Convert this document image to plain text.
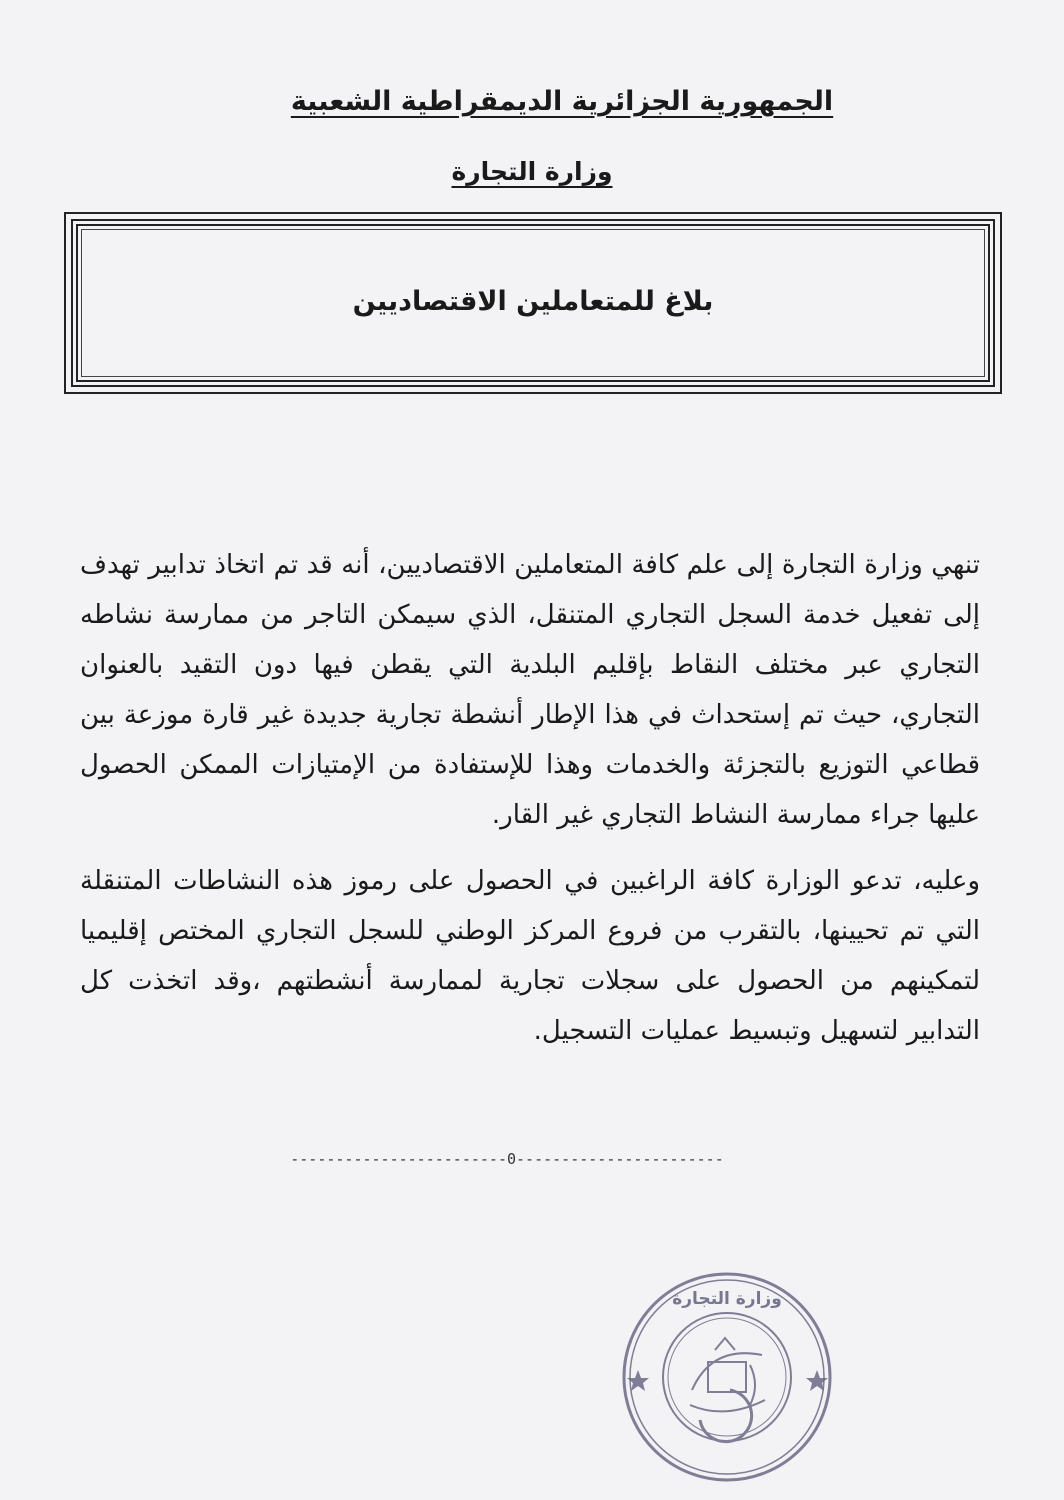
الجمهورية الجزائرية الديمقراطية الشعبية
وزارة التجارة
بلاغ للمتعاملين الاقتصاديين
تنهي وزارة التجارة إلى علم كافة المتعاملين الاقتصاديين، أنه قد تم اتخاذ تدابير تهدف إلى تفعيل خدمة السجل التجاري المتنقل، الذي سيمكن التاجر من ممارسة نشاطه التجاري عبر مختلف النقاط بإقليم البلدية التي يقطن فيها دون التقيد بالعنوان التجاري، حيث تم إستحداث في هذا الإطار أنشطة تجارية جديدة غير قارة موزعة بين قطاعي التوزيع بالتجزئة والخدمات وهذا للإستفادة من الإمتيازات الممكن الحصول عليها جراء ممارسة النشاط التجاري غير القار.
وعليه، تدعو الوزارة كافة الراغبين في الحصول على رموز هذه النشاطات المتنقلة التي تم تحيينها، بالتقرب من فروع المركز الوطني للسجل التجاري المختص إقليميا لتمكينهم من الحصول على سجلات تجارية لممارسة أنشطتهم ،وقد اتخذت كل التدابير لتسهيل وتبسيط عمليات التسجيل.
------------------------0-----------------------
وزارة التجارة
